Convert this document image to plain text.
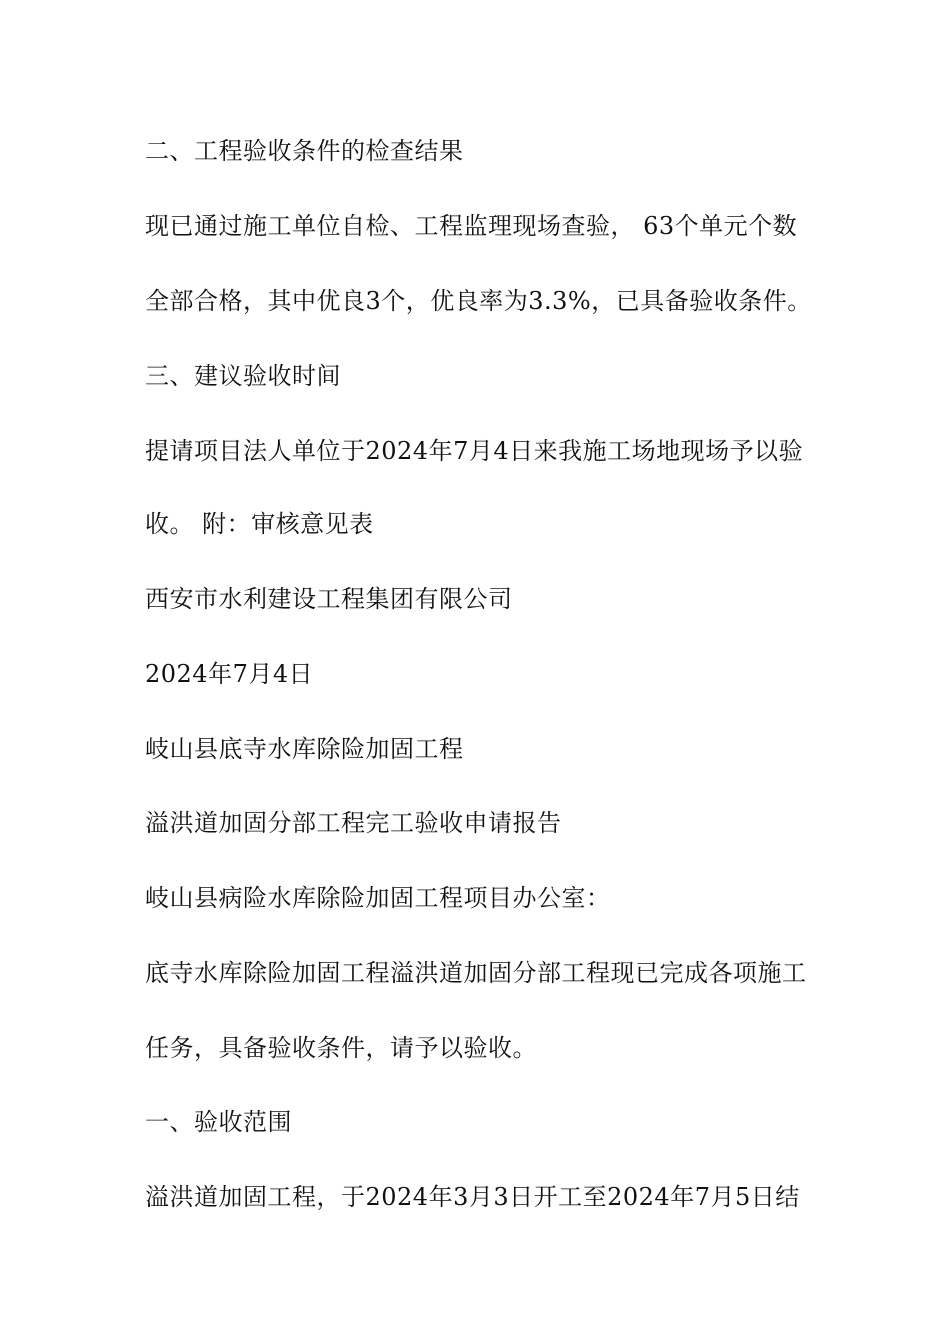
二、工程验收条件的检查结果
现已通过施工单位自检、工程监理现场查验， 63个单元个数
全部合格，其中优良3个，优良率为3.3%，已具备验收条件。
三、建议验收时间
提请项目法人单位于2024年7月4日来我施工场地现场予以验
收。 附：审核意见表
西安市水利建设工程集团有限公司
2024年7月4日
岐山县底寺水库除险加固工程
溢洪道加固分部工程完工验收申请报告
岐山县病险水库除险加固工程项目办公室：
底寺水库除险加固工程溢洪道加固分部工程现已完成各项施工
任务，具备验收条件，请予以验收。
一、验收范围
溢洪道加固工程，于2024年3月3日开工至2024年7月5日结
